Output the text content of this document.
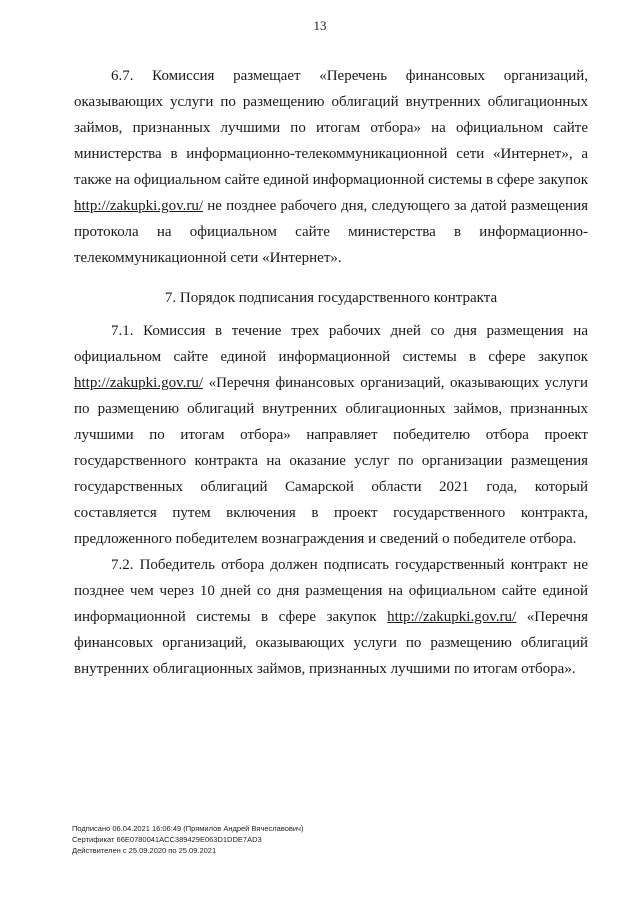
13

6.7. Комиссия размещает «Перечень финансовых организаций, оказывающих услуги по размещению облигаций внутренних облигационных займов, признанных лучшими по итогам отбора» на официальном сайте министерства в информационно-телекоммуникационной сети «Интернет», а также на официальном сайте единой информационной системы в сфере закупок http://zakupki.gov.ru/ не позднее рабочего дня, следующего за датой размещения протокола на официальном сайте министерства в информационно-телекоммуникационной сети «Интернет».

7. Порядок подписания государственного контракта

7.1. Комиссия в течение трех рабочих дней со дня размещения на официальном сайте единой информационной системы в сфере закупок http://zakupki.gov.ru/ «Перечня финансовых организаций, оказывающих услуги по размещению облигаций внутренних облигационных займов, признанных лучшими по итогам отбора» направляет победителю отбора проект государственного контракта на оказание услуг по организации размещения государственных облигаций Самарской области 2021 года, который составляется путем включения в проект государственного контракта, предложенного победителем вознаграждения и сведений о победителе отбора.

7.2. Победитель отбора должен подписать государственный контракт не позднее чем через 10 дней со дня размещения на официальном сайте единой информационной системы в сфере закупок http://zakupki.gov.ru/ «Перечня финансовых организаций, оказывающих услуги по размещению облигаций внутренних облигационных займов, признанных лучшими по итогам отбора».

Подписано 06.04.2021 16:06:49 (Прямилов Андрей Вячеславович)
Сертификат 66E0780041ACC389429E063D1DDE7AD3
Действителен с 25.09.2020 по 25.09.2021
